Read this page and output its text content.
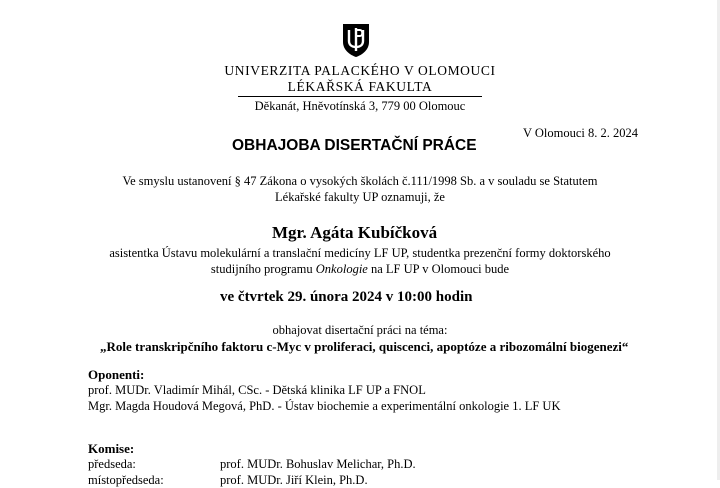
UNIVERZITA PALACKÉHO V OLOMOUCI
LÉKAŘSKÁ FAKULTA
Děkanát, Hněvotínská 3, 779 00 Olomouc
V Olomouci 8. 2. 2024
OBHAJOBA DISERTAČNÍ PRÁCE
Ve smyslu ustanovení § 47 Zákona o vysokých školách č.111/1998 Sb. a v souladu se Statutem
Lékařské fakulty UP oznamuji, že
Mgr. Agáta Kubíčková
asistentka Ústavu molekulární a translační medicíny LF UP, studentka prezenční formy doktorského
studijního programu Onkologie na LF UP v Olomouci bude
ve čtvrtek 29. února 2024 v 10:00 hodin
obhajovat disertační práci na téma:
„Role transkripčního faktoru c-Myc v proliferaci, quiscenci, apoptóze a ribozomální biogenezi“
Oponenti:
prof. MUDr. Vladimír Mihál, CSc. - Dětská klinika LF UP a FNOL
Mgr. Magda Houdová Megová, PhD. - Ústav biochemie a experimentální onkologie 1. LF UK
Komise:
předseda:	prof. MUDr. Bohuslav Melichar, Ph.D.
místopředseda:	prof. MUDr. Jiří Klein, Ph.D.
